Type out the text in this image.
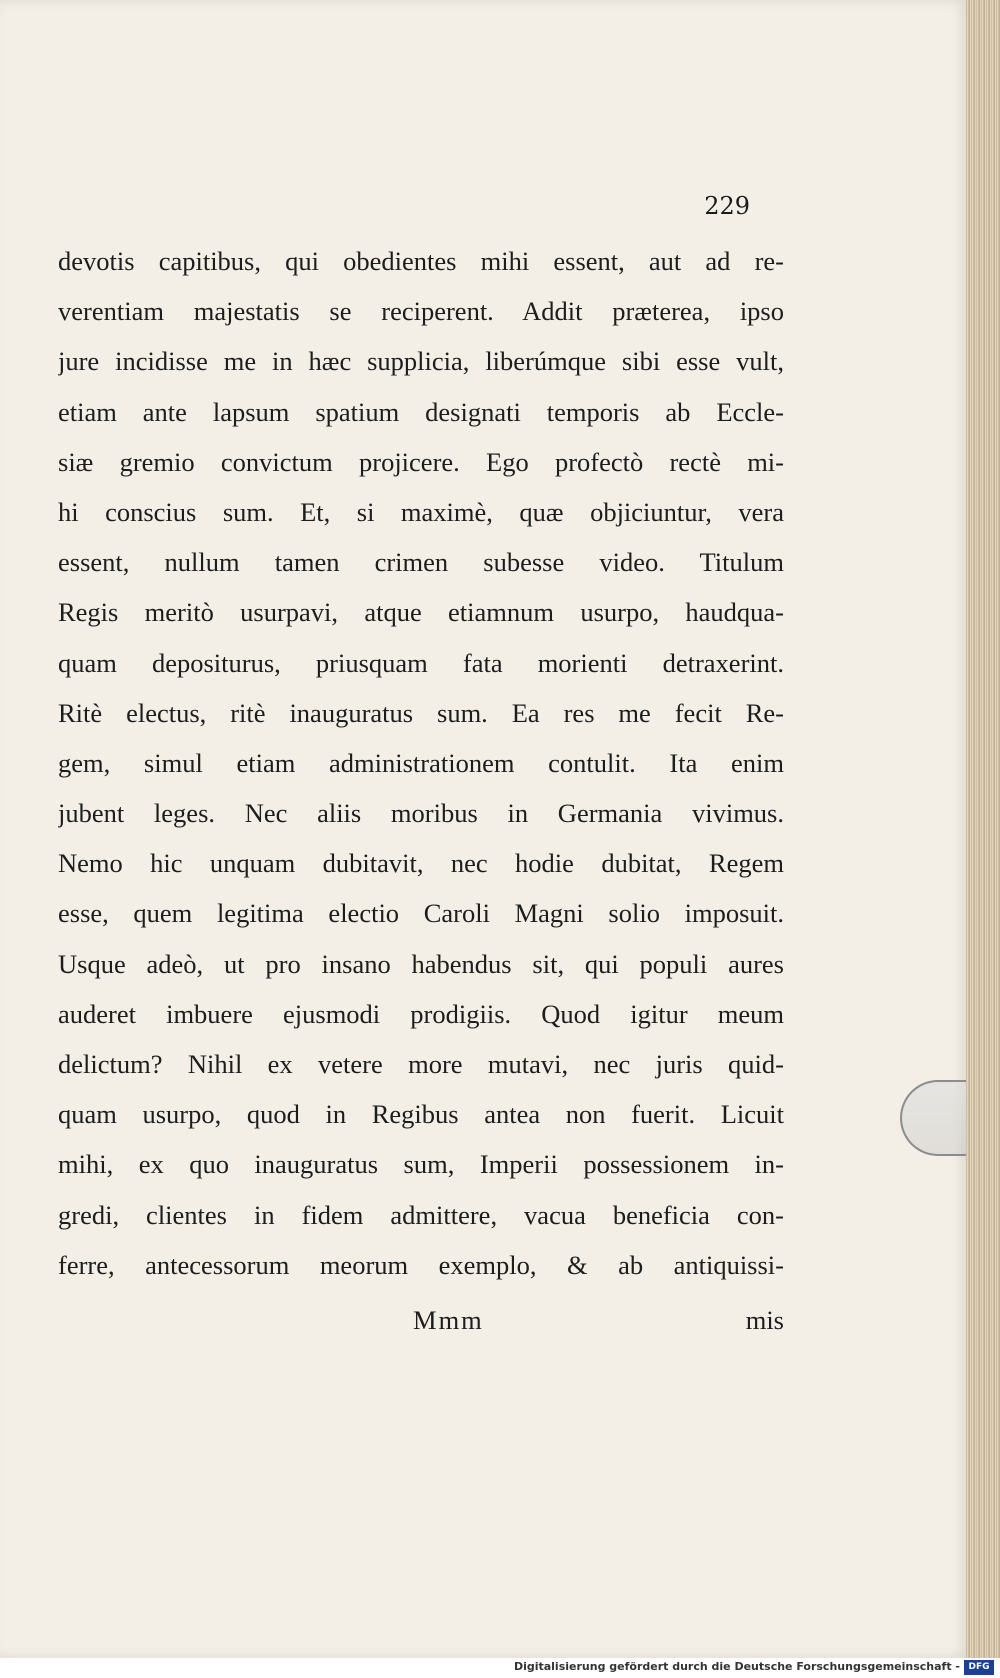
229
devotis capitibus, qui obedientes mihi essent, aut ad re-
verentiam majestatis se reciperent. Addit præterea, ipso
jure incidisse me in hæc supplicia, liberúmque sibi esse vult,
etiam ante lapsum spatium designati temporis ab Eccle-
siæ gremio convictum projicere. Ego profectò rectè mi-
hi conscius sum. Et, si maximè, quæ objiciuntur, vera
essent, nullum tamen crimen subesse video. Titulum
Regis meritò usurpavi, atque etiamnum usurpo, haudqua-
quam depositurus, priusquam fata morienti detraxerint.
Ritè electus, ritè inauguratus sum. Ea res me fecit Re-
gem, simul etiam administrationem contulit. Ita enim
jubent leges. Nec aliis moribus in Germania vivimus.
Nemo hic unquam dubitavit, nec hodie dubitat, Regem
esse, quem legitima electio Caroli Magni solio imposuit.
Usque adeò, ut pro insano habendus sit, qui populi aures
auderet imbuere ejusmodi prodigiis. Quod igitur meum
delictum? Nihil ex vetere more mutavi, nec juris quid-
quam usurpo, quod in Regibus antea non fuerit. Licuit
mihi, ex quo inauguratus sum, Imperii possessionem in-
gredi, clientes in fidem admittere, vacua beneficia con-
ferre, antecessorum meorum exemplo, & ab antiquissi-
Mmm	mis
Digitalisierung gefördert durch die Deutsche Forschungsgemeinschaft - DFG
